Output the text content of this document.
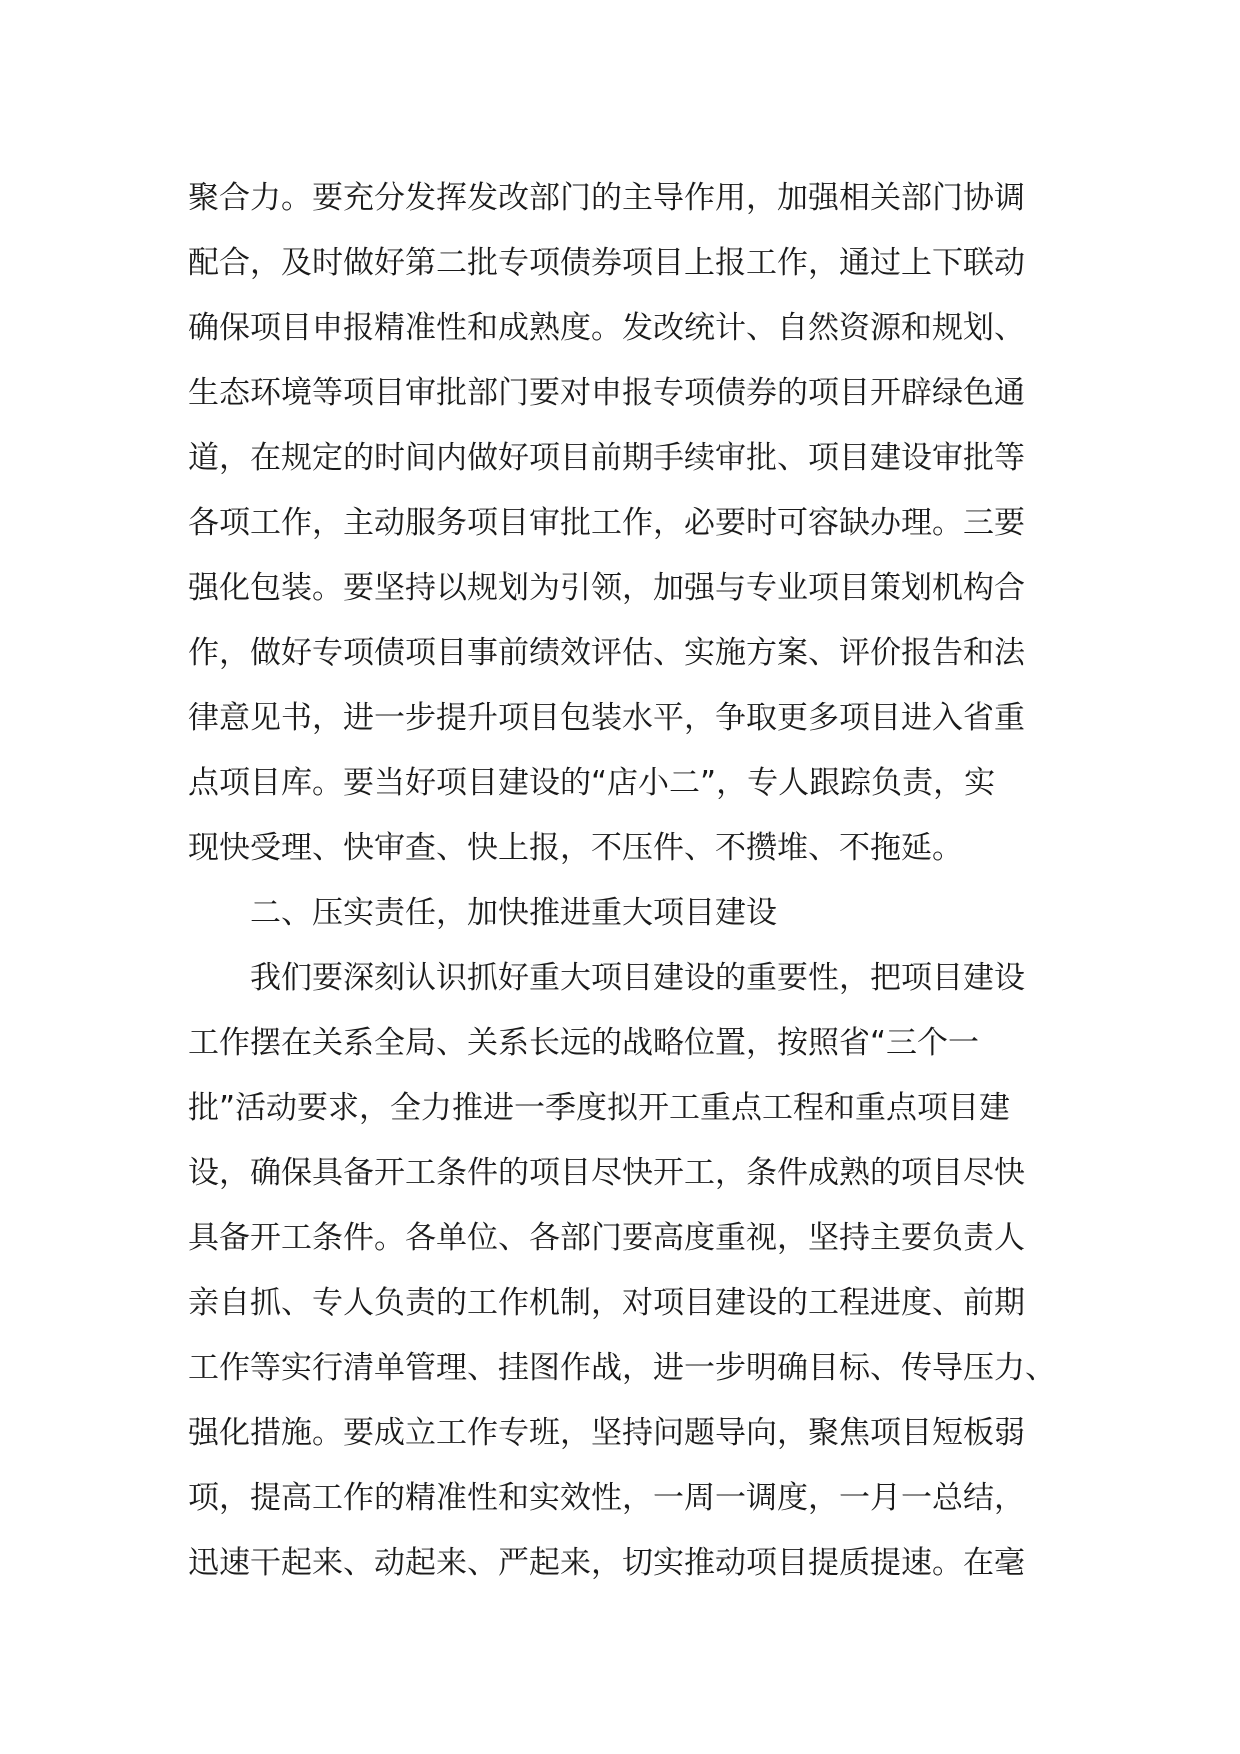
聚合力。要充分发挥发改部门的主导作用，加强相关部门协调
配合，及时做好第二批专项债券项目上报工作，通过上下联动
确保项目申报精准性和成熟度。发改统计、自然资源和规划、
生态环境等项目审批部门要对申报专项债券的项目开辟绿色通
道，在规定的时间内做好项目前期手续审批、项目建设审批等
各项工作，主动服务项目审批工作，必要时可容缺办理。三要
强化包装。要坚持以规划为引领，加强与专业项目策划机构合
作，做好专项债项目事前绩效评估、实施方案、评价报告和法
律意见书，进一步提升项目包装水平，争取更多项目进入省重
点项目库。要当好项目建设的“店小二”，专人跟踪负责，实
现快受理、快审查、快上报，不压件、不攒堆、不拖延。
二、压实责任，加快推进重大项目建设
我们要深刻认识抓好重大项目建设的重要性，把项目建设
工作摆在关系全局、关系长远的战略位置，按照省“三个一
批”活动要求，全力推进一季度拟开工重点工程和重点项目建
设，确保具备开工条件的项目尽快开工，条件成熟的项目尽快
具备开工条件。各单位、各部门要高度重视，坚持主要负责人
亲自抓、专人负责的工作机制，对项目建设的工程进度、前期
工作等实行清单管理、挂图作战，进一步明确目标、传导压力、
强化措施。要成立工作专班，坚持问题导向，聚焦项目短板弱
项，提高工作的精准性和实效性，一周一调度，一月一总结，
迅速干起来、动起来、严起来，切实推动项目提质提速。在毫
